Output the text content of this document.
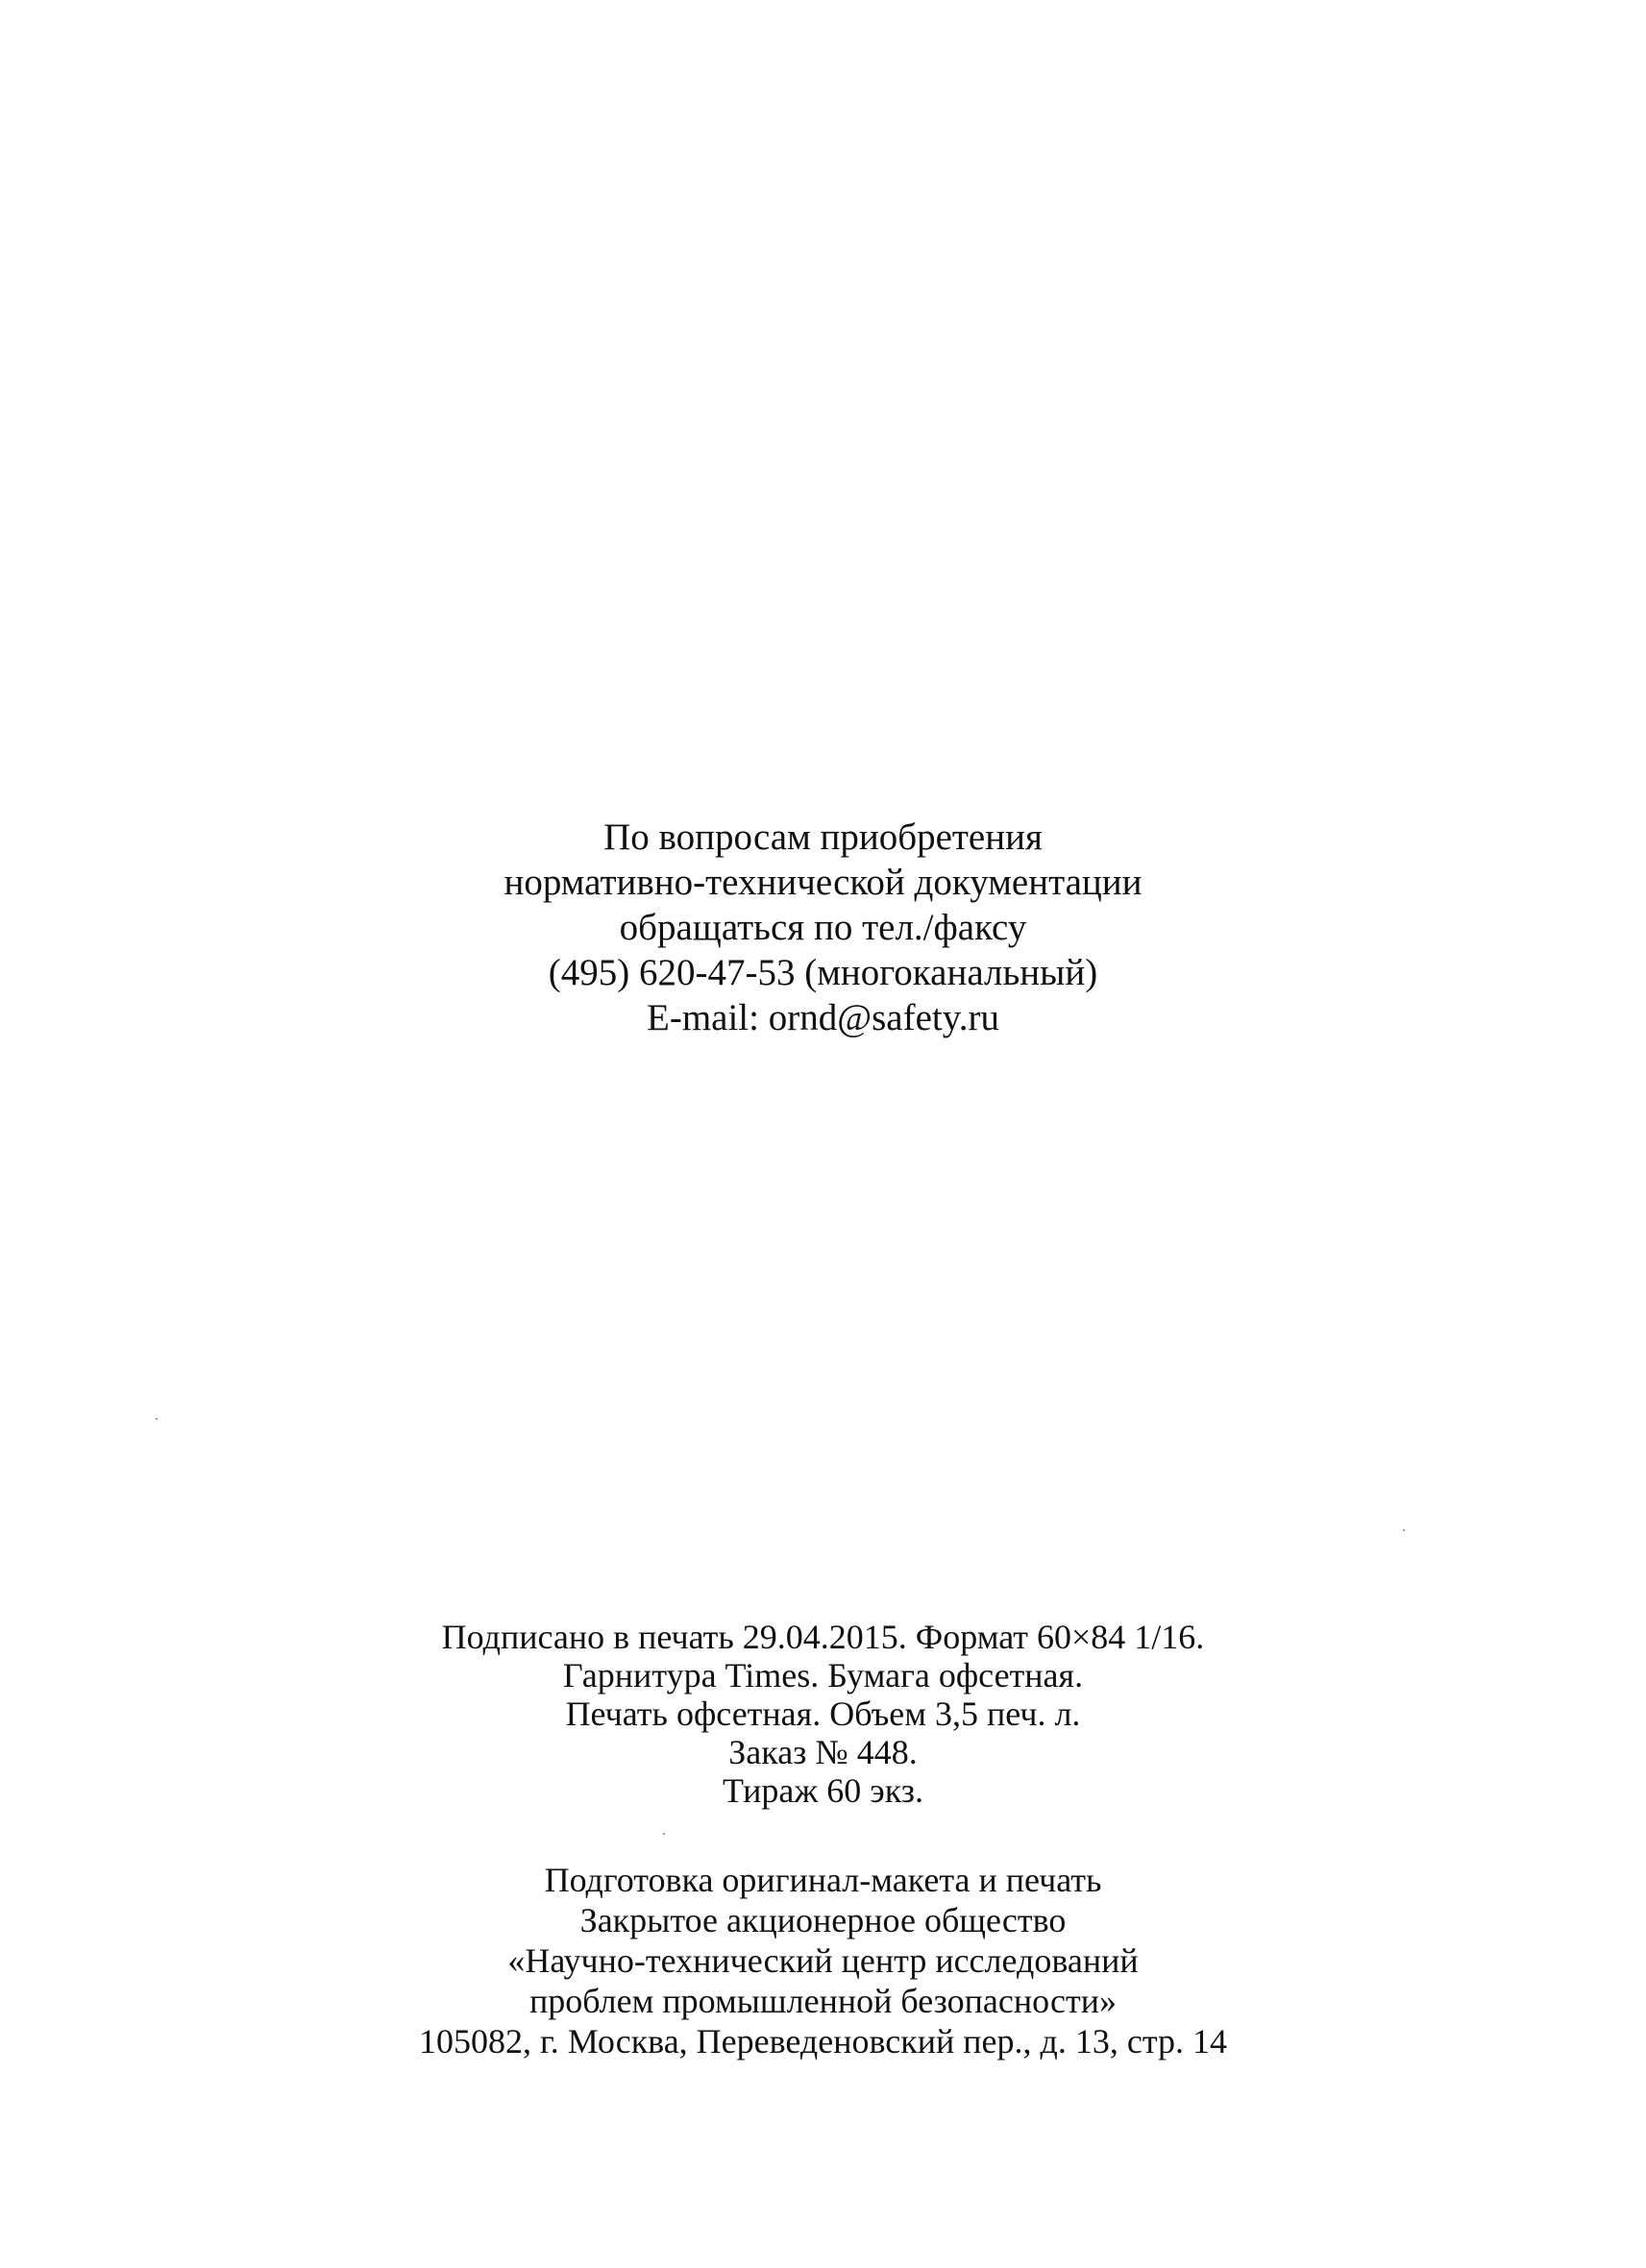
По вопросам приобретения
нормативно-технической документации
обращаться по тел./факсу
(495) 620-47-53 (многоканальный)
E-mail: ornd@safety.ru
Подписано в печать 29.04.2015. Формат 60×84 1/16.
Гарнитура Times. Бумага офсетная.
Печать офсетная. Объем 3,5 печ. л.
Заказ № 448.
Тираж 60 экз.
Подготовка оригинал-макета и печать
Закрытое акционерное общество
«Научно-технический центр исследований
проблем промышленной безопасности»
105082, г. Москва, Переведеновский пер., д. 13, стр. 14
